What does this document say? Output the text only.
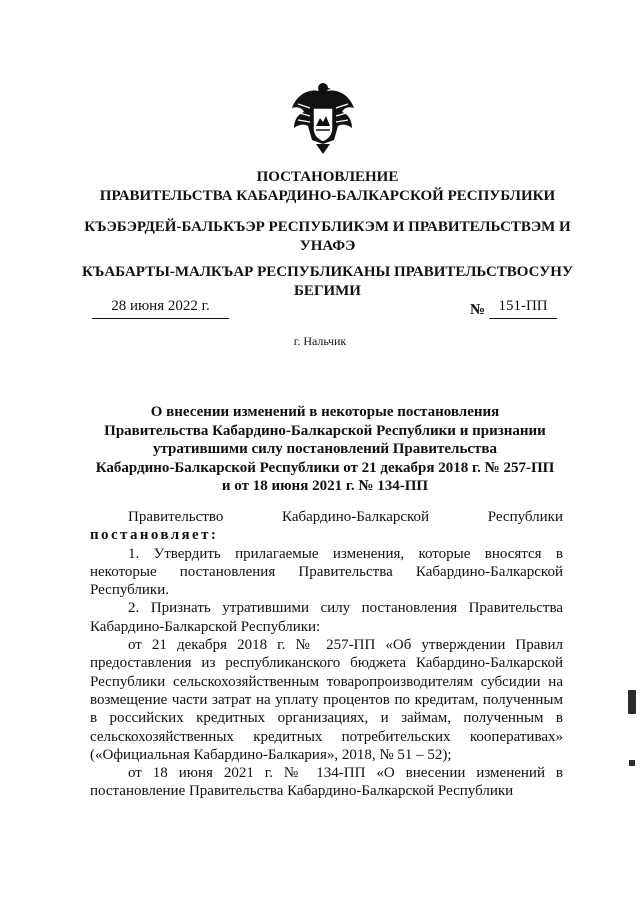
ПОСТАНОВЛЕНИЕ
ПРАВИТЕЛЬСТВА КАБАРДИНО-БАЛКАРСКОЙ РЕСПУБЛИКИ
КЪЭБЭРДЕЙ-БАЛЬКЪЭР РЕСПУБЛИКЭМ И ПРАВИТЕЛЬСТВЭМ И
УНАФЭ
КЪАБАРТЫ-МАЛКЪАР РЕСПУБЛИКАНЫ ПРАВИТЕЛЬСТВОСУНУ
БЕГИМИ
28 июня 2022 г.	№ 151-ПП
г. Нальчик
О внесении изменений в некоторые постановления
Правительства Кабардино-Балкарской Республики и признании
утратившими силу постановлений Правительства
Кабардино-Балкарской Республики от 21 декабря 2018 г. № 257-ПП
и от 18 июня 2021 г. № 134-ПП
Правительство	Кабардино-Балкарской	Республики

постановляет:

1. Утвердить прилагаемые изменения, которые вносятся в некоторые постановления Правительства Кабардино-Балкарской Республики.

2. Признать утратившими силу постановления Правительства Кабардино-Балкарской Республики:

от 21 декабря 2018 г. № 257-ПП «Об утверждении Правил предоставления из республиканского бюджета Кабардино-Балкарской Республики сельскохозяйственным товаропроизводителям субсидии на возмещение части затрат на уплату процентов по кредитам, полученным в российских кредитных организациях, и займам, полученным в сельскохозяйственных кредитных потребительских кооперативах» («Официальная Кабардино-Балкария», 2018, № 51 – 52);

от 18 июня 2021 г. № 134-ПП «О внесении изменений в постановление Правительства Кабардино-Балкарской Республики
